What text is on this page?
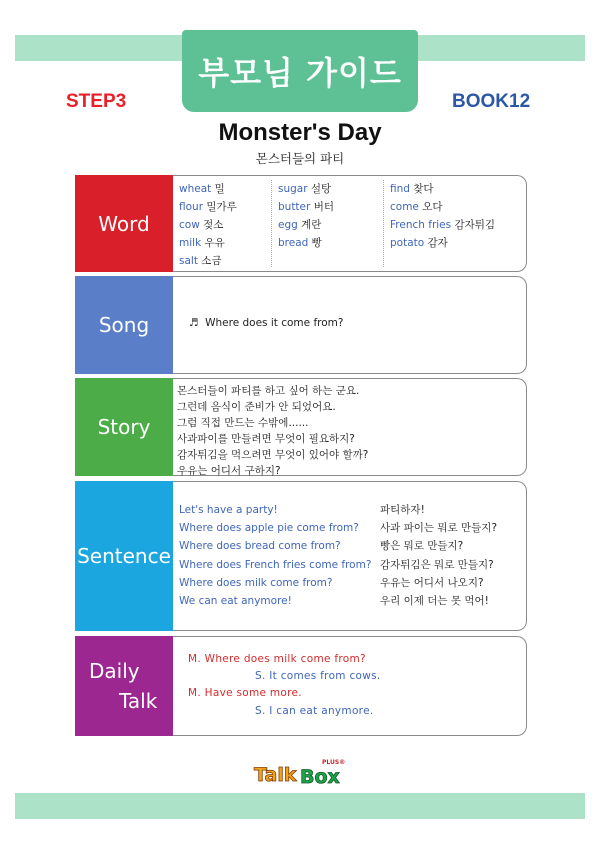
부모님 가이드
STEP3	BOOK12
Monster's Day
몬스터들의 파티
Word
wheat 밀
flour 밀가루
cow 젖소
milk 우유
salt 소금
sugar 설탕
butter 버터
egg 계란
bread 빵
find 찾다
come 오다
French fries 감자튀김
potato 감자
Song	♬ Where does it come from?
Story
몬스터들이 파티를 하고 싶어 하는 군요.
그런데 음식이 준비가 안 되었어요.
그럼 직접 만드는 수밖에......
사과파이를 만들려면 무엇이 필요하지?
감자튀김을 먹으려면 무엇이 있어야 할까?
우유는 어디서 구하지?
Sentence
Let's have a party!
Where does apple pie come from?
Where does bread come from?
Where does French fries come from?
Where does milk come from?
We can eat anymore!
파티하자!
사과 파이는 뭐로 만들지?
빵은 뭐로 만들지?
감자튀김은 뭐로 만들지?
우유는 어디서 나오지?
우리 이제 더는 못 먹어!
Daily
Talk
M. Where does milk come from?
S. It comes from cows.
M. Have some more.
S. I can eat anymore.
Talk Box
PLUS®
